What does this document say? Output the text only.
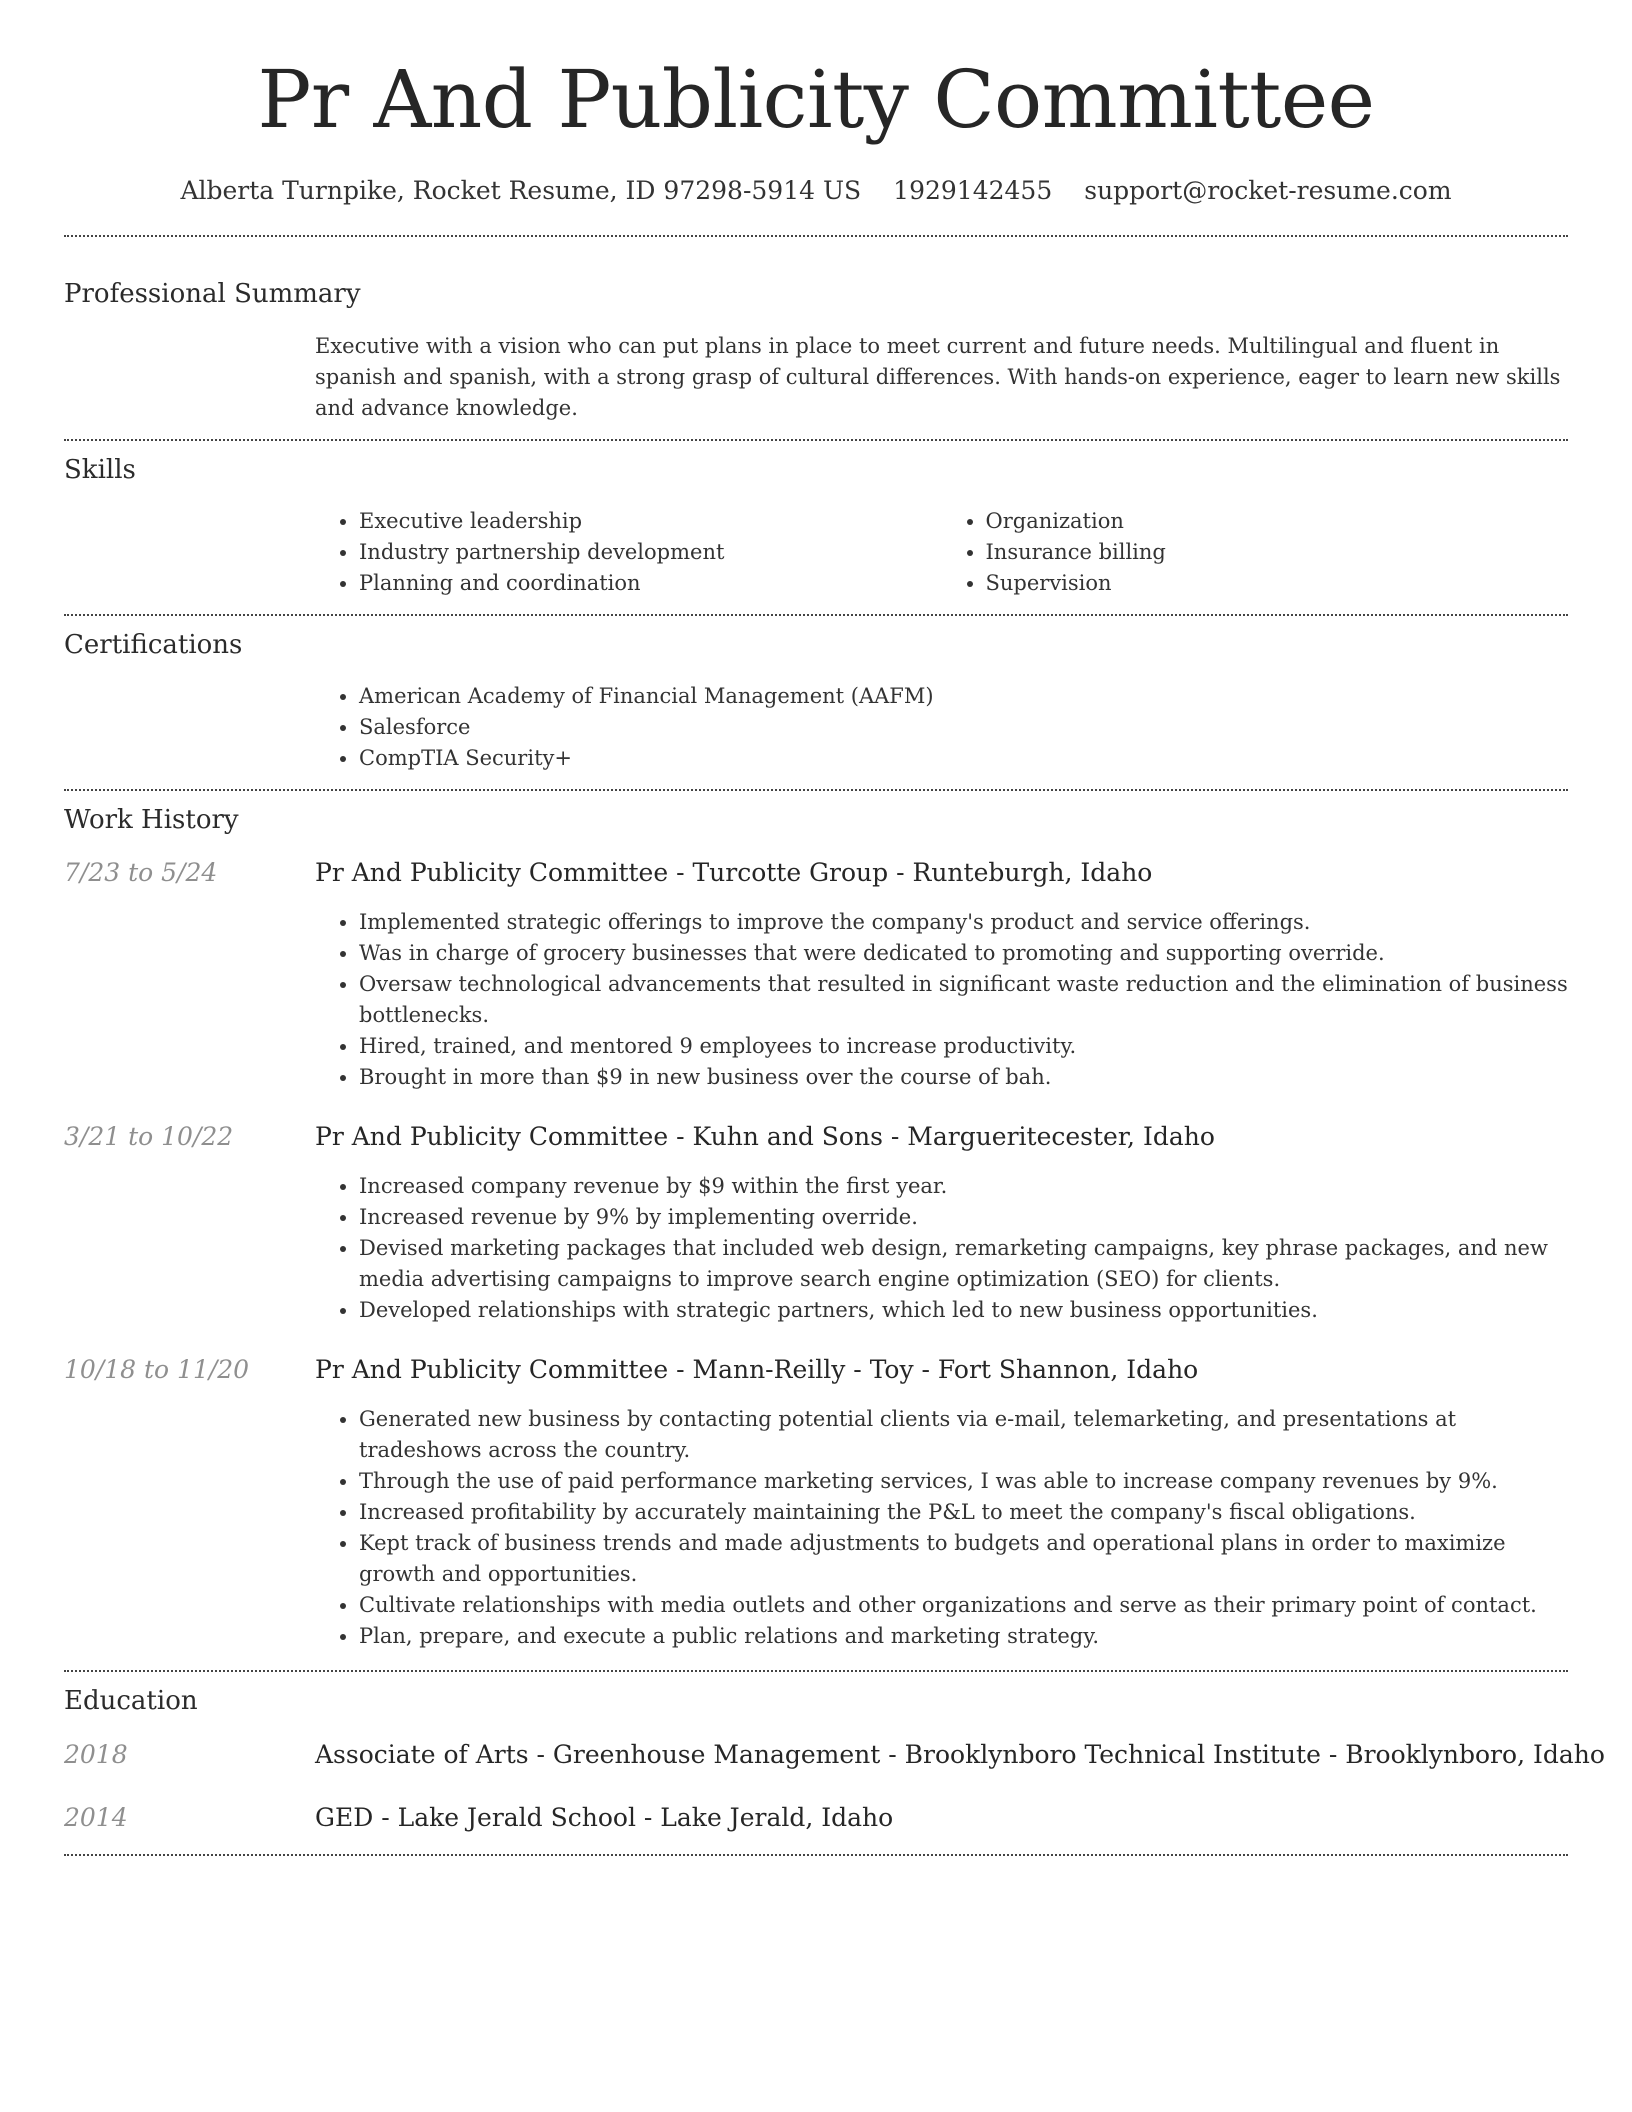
Pr And Publicity Committee
Alberta Turnpike, Rocket Resume, ID 97298-5914 US 1929142455 support@rocket-resume.com
Professional Summary

Executive with a vision who can put plans in place to meet current and future needs. Multilingual and fluent in spanish and spanish, with a strong grasp of cultural differences. With hands-on experience, eager to learn new skills and advance knowledge.

Skills
• Executive leadership
• Industry partnership development
• Planning and coordination
• Organization
• Insurance billing
• Supervision
Certifications
• American Academy of Financial Management (AAFM)
• Salesforce
• CompTIA Security+
Work History
7/23 to 5/24	Pr And Publicity Committee - Turcotte Group - Runteburgh, Idaho
• Implemented strategic offerings to improve the company's product and service offerings.
• Was in charge of grocery businesses that were dedicated to promoting and supporting override.
• Oversaw technological advancements that resulted in significant waste reduction and the elimination of business bottlenecks.
• Hired, trained, and mentored 9 employees to increase productivity.
• Brought in more than $9 in new business over the course of bah.
3/21 to 10/22	Pr And Publicity Committee - Kuhn and Sons - Margueritecester, Idaho
• Increased company revenue by $9 within the first year.
• Increased revenue by 9% by implementing override.
• Devised marketing packages that included web design, remarketing campaigns, key phrase packages, and new media advertising campaigns to improve search engine optimization (SEO) for clients.
• Developed relationships with strategic partners, which led to new business opportunities.
10/18 to 11/20	Pr And Publicity Committee - Mann-Reilly - Toy - Fort Shannon, Idaho
• Generated new business by contacting potential clients via e-mail, telemarketing, and presentations at tradeshows across the country.
• Through the use of paid performance marketing services, I was able to increase company revenues by 9%.
• Increased profitability by accurately maintaining the P&L to meet the company's fiscal obligations.
• Kept track of business trends and made adjustments to budgets and operational plans in order to maximize growth and opportunities.
• Cultivate relationships with media outlets and other organizations and serve as their primary point of contact.
• Plan, prepare, and execute a public relations and marketing strategy.
Education
2018	Associate of Arts - Greenhouse Management - Brooklynboro Technical Institute - Brooklynboro, Idaho
2014	GED - Lake Jerald School - Lake Jerald, Idaho
